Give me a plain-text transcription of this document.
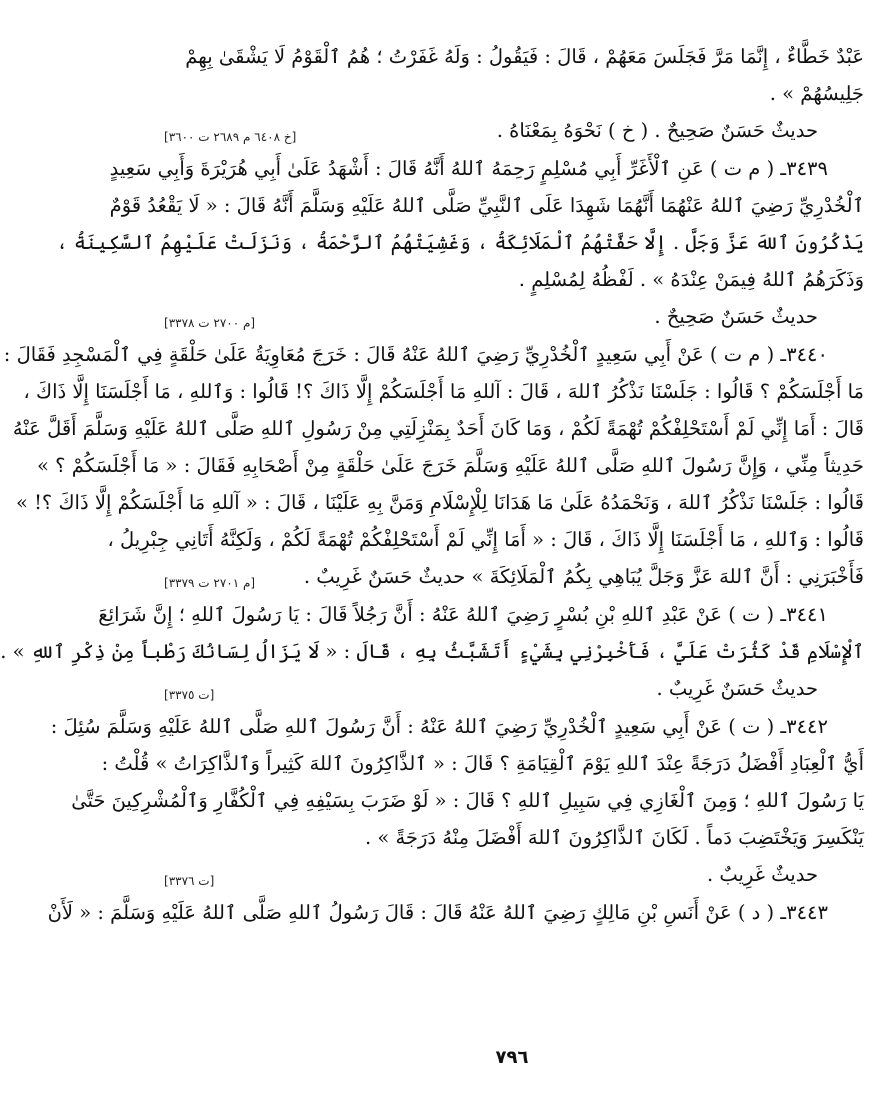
عَبْدٌ خَطَّاءٌ ، إِنَّمَا مَرَّ فَجَلَسَ مَعَهُمْ ، قَالَ : فَيَقُولُ : وَلَهُ غَفَرْتُ ؛ هُمُ ٱلْقَوْمُ لَا يَشْقَىٰ بِهِمْ

جَلِيسُهُمْ » .

حديثٌ حَسَنٌ صَحِيحٌ . ( خ ) نَحْوَهُ بِمَعْنَاهُ .
[خ ٦٤٠٨ م ٢٦٨٩ ت ٣٦٠٠]

٣٤٣٩ـ ( م ت ) عَنِ ٱلْأَغَرِّ أَبِي مُسْلِمٍ رَحِمَهُ ٱللهُ أَنَّهُ قَالَ : أَشْهَدُ عَلَىٰ أَبِي هُرَيْرَةَ وَأَبِي سَعِيدٍ

ٱلْخُدْرِيِّ رَضِيَ ٱللهُ عَنْهُمَا أَنَّهُمَا شَهِدَا عَلَى ٱلنَّبِيِّ صَلَّى ٱللهُ عَلَيْهِ وَسَلَّمَ أَنَّهُ قَالَ : « لَا يَقْعُدُ قَوْمٌ

يَذْكُرُونَ ٱللهَ عَزَّ وَجَلَّ . إِلَّا حَفَّتْهُمُ ٱلْمَلَائِكَةُ ، وَغَشِيَتْهُمُ ٱلرَّحْمَةُ ، وَنَزَلَتْ عَلَيْهِمُ ٱلسَّكِينَةُ ،

وَذَكَرَهُمُ ٱللهُ فِيمَنْ عِنْدَهُ » . لَفْظُهُ لِمُسْلِمٍ .

حديثٌ حَسَنٌ صَحِيحٌ .
[م ٢٧٠٠ ت ٣٣٧٨]

٣٤٤٠ـ ( م ت ) عَنْ أَبِي سَعِيدٍ ٱلْخُدْرِيِّ رَضِيَ ٱللهُ عَنْهُ قَالَ : خَرَجَ مُعَاوِيَةُ عَلَىٰ حَلْقَةٍ فِي ٱلْمَسْجِدِ فَقَالَ :

مَا أَجْلَسَكُمْ ؟ قَالُوا : جَلَسْنَا نَذْكُرُ ٱللهَ ، قَالَ : آللهِ مَا أَجْلَسَكُمْ إِلَّا ذَاكَ ؟! قَالُوا : وَٱللهِ ، مَا أَجْلَسَنَا إِلَّا ذَاكَ ،

قَالَ : أَمَا إِنِّي لَمْ أَسْتَحْلِفْكُمْ تُهْمَةً لَكُمْ ، وَمَا كَانَ أَحَدٌ بِمَنْزِلَتِي مِنْ رَسُولِ ٱللهِ صَلَّى ٱللهُ عَلَيْهِ وَسَلَّمَ أَقَلَّ عَنْهُ

حَدِيثاً مِنِّي ، وَإِنَّ رَسُولَ ٱللهِ صَلَّى ٱللهُ عَلَيْهِ وَسَلَّمَ خَرَجَ عَلَىٰ حَلْقَةٍ مِنْ أَصْحَابِهِ فَقَالَ : « مَا أَجْلَسَكُمْ ؟ »

قَالُوا : جَلَسْنَا نَذْكُرُ ٱللهَ ، وَنَحْمَدُهُ عَلَىٰ مَا هَدَانَا لِلْإِسْلَامِ وَمَنَّ بِهِ عَلَيْنَا ، قَالَ : « آللهِ مَا أَجْلَسَكُمْ إِلَّا ذَاكَ ؟! »

قَالُوا : وَٱللهِ ، مَا أَجْلَسَنَا إِلَّا ذَاكَ ، قَالَ : « أَمَا إِنِّي لَمْ أَسْتَحْلِفْكُمْ تُهْمَةً لَكُمْ ، وَلَكِنَّهُ أَتَانِي جِبْرِيلُ ،

فَأَخْبَرَنِي : أَنَّ ٱللهَ عَزَّ وَجَلَّ يُبَاهِي بِكُمُ ٱلْمَلَائِكَةَ » حديثٌ حَسَنٌ غَرِيبٌ .
[م ٢٧٠١ ت ٣٣٧٩]

٣٤٤١ـ ( ت ) عَنْ عَبْدِ ٱللهِ بْنِ بُسْرٍ رَضِيَ ٱللهُ عَنْهُ : أَنَّ رَجُلاً قَالَ : يَا رَسُولَ ٱللهِ ؛ إِنَّ شَرَائِعَ

ٱلْإِسْلَامِ قَدْ كَثُرَتْ عَلَيَّ ، فَأَخْبِرْنِي بِشَيْءٍ أَتَشَبَّثُ بِهِ ، قَالَ : « لَا يَزَالُ لِسَانُكَ رَطْباً مِنْ ذِكْرِ ٱللهِ » .

حديثٌ حَسَنٌ غَرِيبٌ .
[ت ٣٣٧٥]

٣٤٤٢ـ ( ت ) عَنْ أَبِي سَعِيدٍ ٱلْخُدْرِيِّ رَضِيَ ٱللهُ عَنْهُ : أَنَّ رَسُولَ ٱللهِ صَلَّى ٱللهُ عَلَيْهِ وَسَلَّمَ سُئِلَ :

أَيُّ ٱلْعِبَادِ أَفْضَلُ دَرَجَةً عِنْدَ ٱللهِ يَوْمَ ٱلْقِيَامَةِ ؟ قَالَ : « ٱلذَّاكِرُونَ ٱللهَ كَثِيراً وَٱلذَّاكِرَاتُ » قُلْتُ :

يَا رَسُولَ ٱللهِ ؛ وَمِنَ ٱلْغَازِي فِي سَبِيلِ ٱللهِ ؟ قَالَ : « لَوْ ضَرَبَ بِسَيْفِهِ فِي ٱلْكُفَّارِ وَٱلْمُشْرِكِينَ حَتَّىٰ

يَنْكَسِرَ وَيَخْتَضِبَ دَماً . لَكَانَ ٱلذَّاكِرُونَ ٱللهَ أَفْضَلَ مِنْهُ دَرَجَةً » .

حديثٌ غَرِيبٌ .
[ت ٣٣٧٦]

٣٤٤٣ـ ( د ) عَنْ أَنَسِ بْنِ مَالِكٍ رَضِيَ ٱللهُ عَنْهُ قَالَ : قَالَ رَسُولُ ٱللهِ صَلَّى ٱللهُ عَلَيْهِ وَسَلَّمَ : « لَأَنْ

٧٩٦
